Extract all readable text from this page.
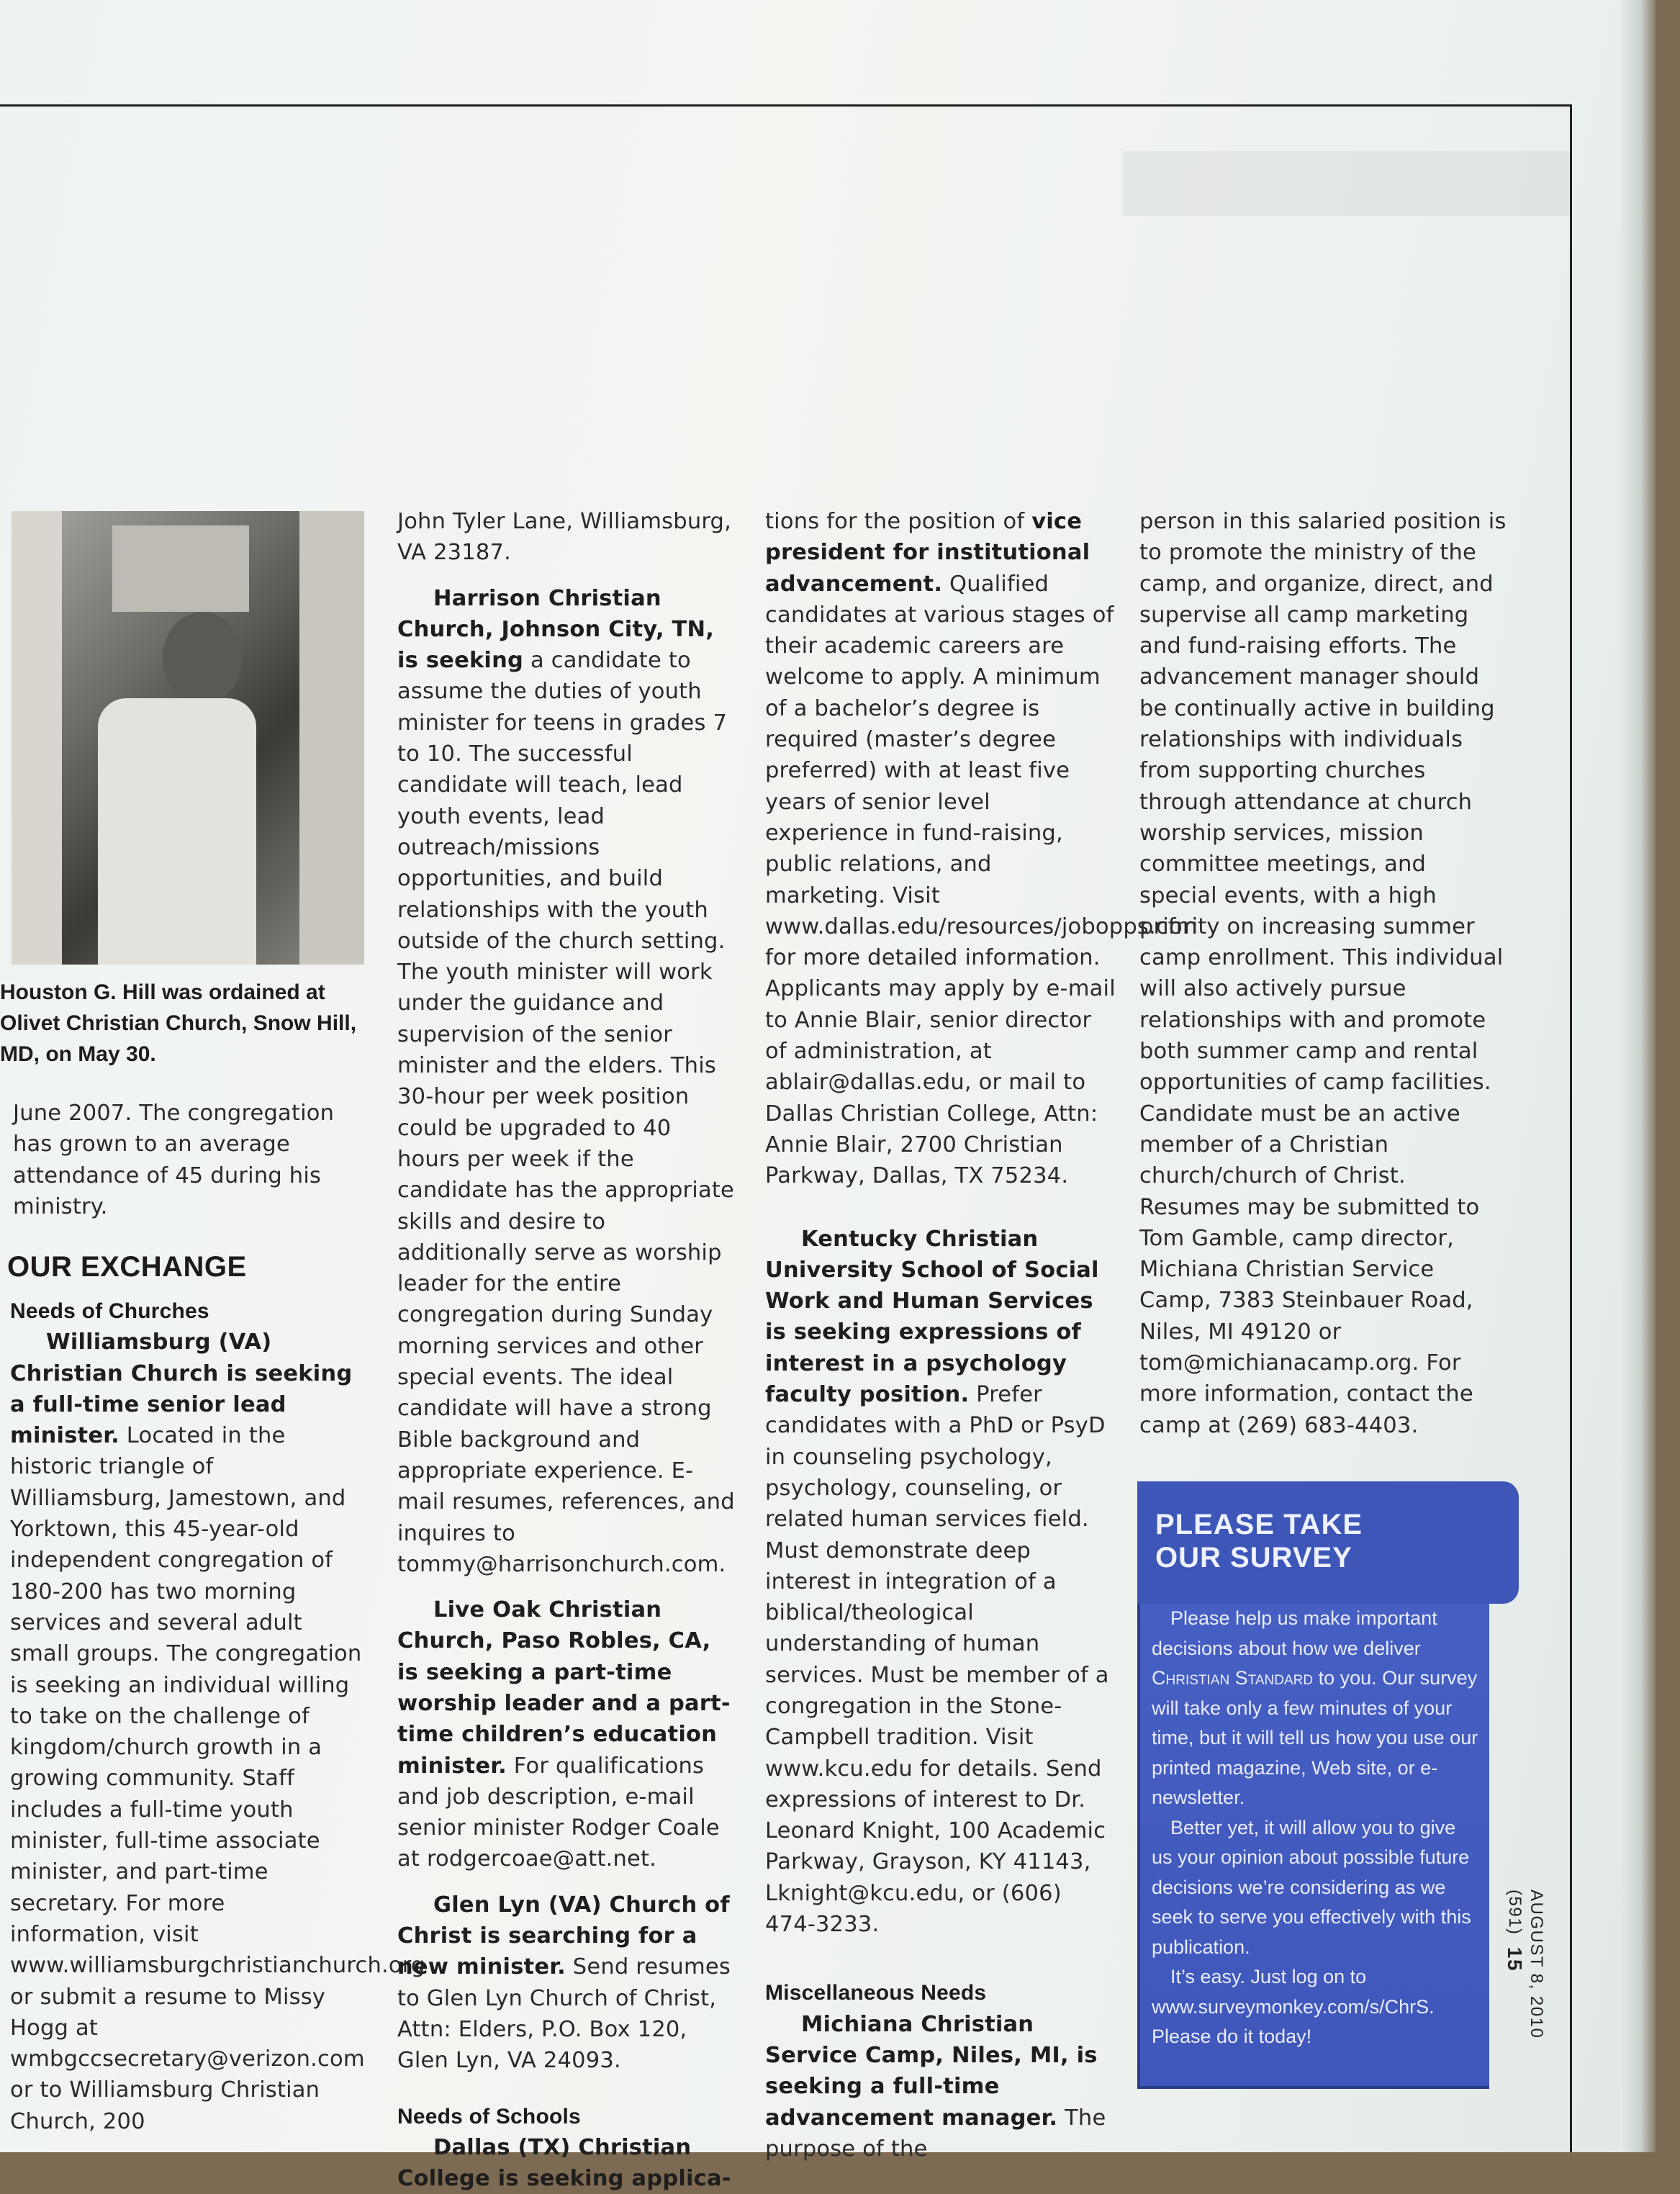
Houston G. Hill was ordained at Olivet Christian Church, Snow Hill, MD, on May 30.

June 2007. The congregation has grown to an average attendance of 45 during his ministry.

OUR EXCHANGE

Needs of Churches

Williamsburg (VA) Christian Church is seeking a full-time senior lead minister. Located in the historic triangle of Williamsburg, Jamestown, and Yorktown, this 45-year-old independent congregation of 180-200 has two morning services and several adult small groups. The congregation is seeking an individual willing to take on the challenge of kingdom/church growth in a growing community. Staff includes a full-time youth minister, full-time associate minister, and part-time secretary. For more information, visit www.williamsburgchristianchurch.org or submit a resume to Missy Hogg at wmbgccsecretary@verizon.com or to Williamsburg Christian Church, 200

John Tyler Lane, Williamsburg, VA 23187.

Harrison Christian Church, Johnson City, TN, is seeking a candidate to assume the duties of youth minister for teens in grades 7 to 10. The successful candidate will teach, lead youth events, lead outreach/missions opportunities, and build relationships with the youth outside of the church setting. The youth minister will work under the guidance and supervision of the senior minister and the elders. This 30-hour per week position could be upgraded to 40 hours per week if the candidate has the appropriate skills and desire to additionally serve as worship leader for the entire congregation during Sunday morning services and other special events. The ideal candidate will have a strong Bible background and appropriate experience. E-mail resumes, references, and inquires to tommy@harrisonchurch.com.

Live Oak Christian Church, Paso Robles, CA, is seeking a part-time worship leader and a part-time children’s education minister. For qualifications and job description, e-mail senior minister Rodger Coale at rodgercoae@att.net.

Glen Lyn (VA) Church of Christ is searching for a new minister. Send resumes to Glen Lyn Church of Christ, Attn: Elders, P.O. Box 120, Glen Lyn, VA 24093.

Needs of Schools

Dallas (TX) Christian College is seeking applica-

tions for the position of vice president for institutional advancement. Qualified candidates at various stages of their academic careers are welcome to apply. A minimum of a bachelor’s degree is required (master’s degree preferred) with at least five years of senior level experience in fund-raising, public relations, and marketing. Visit www.dallas.edu/resources/jobopps.cfm for more detailed information. Applicants may apply by e-mail to Annie Blair, senior director of administration, at ablair@dallas.edu, or mail to Dallas Christian College, Attn: Annie Blair, 2700 Christian Parkway, Dallas, TX 75234.

Kentucky Christian University School of Social Work and Human Services is seeking expressions of interest in a psychology faculty position. Prefer candidates with a PhD or PsyD in counseling psychology, psychology, counseling, or related human services field. Must demonstrate deep interest in integration of a biblical/theological understanding of human services. Must be member of a congregation in the Stone-Campbell tradition. Visit www.kcu.edu for details. Send expressions of interest to Dr. Leonard Knight, 100 Academic Parkway, Grayson, KY 41143, Lknight@kcu.edu, or (606) 474-3233.

Miscellaneous Needs

Michiana Christian Service Camp, Niles, MI, is seeking a full-time advancement manager. The purpose of the

person in this salaried position is to promote the ministry of the camp, and organize, direct, and supervise all camp marketing and fund-raising efforts. The advancement manager should be continually active in building relationships with individuals from supporting churches through attendance at church worship services, mission committee meetings, and special events, with a high priority on increasing summer camp enrollment. This individual will also actively pursue relationships with and promote both summer camp and rental opportunities of camp facilities. Candidate must be an active member of a Christian church/church of Christ. Resumes may be submitted to Tom Gamble, camp director, Michiana Christian Service Camp, 7383 Steinbauer Road, Niles, MI 49120 or tom@michianacamp.org. For more information, contact the camp at (269) 683-4403.

PLEASE TAKE
OUR SURVEY

Please help us make important decisions about how we deliver Christian Standard to you. Our survey will take only a few minutes of your time, but it will tell us how you use our printed magazine, Web site, or e-newsletter.

Better yet, it will allow you to give us your opinion about possible future decisions we’re considering as we seek to serve you effectively with this publication.

It’s easy. Just log on to www.surveymonkey.com/s/ChrS. Please do it today!	AUGUST 8, 2010 (591)  15
